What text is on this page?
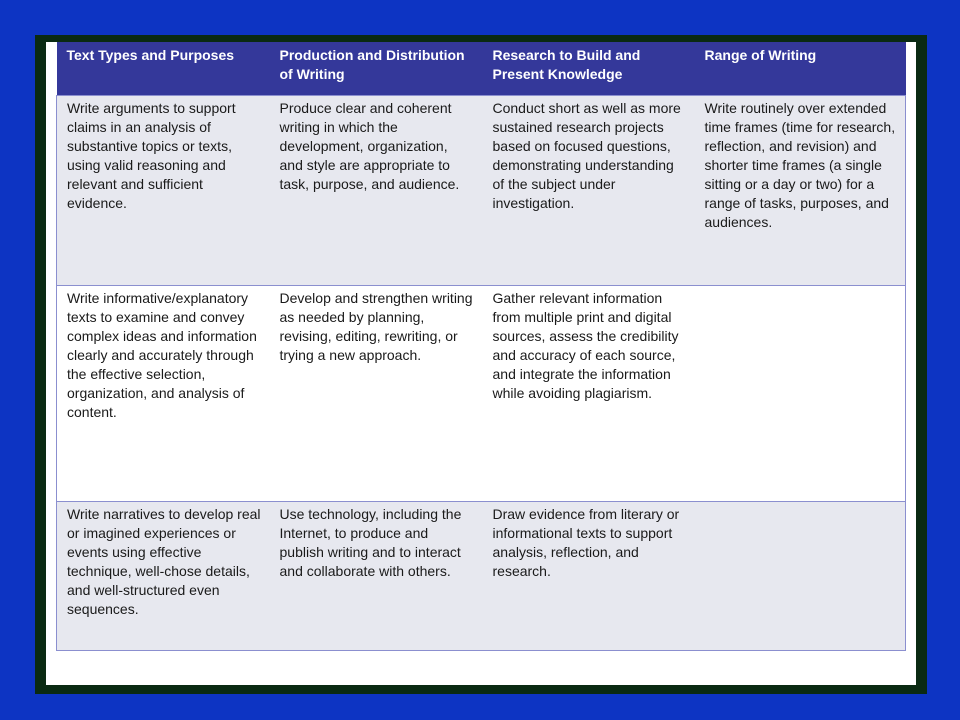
Text Types and Purposes	Production and Distribution of Writing	Research to Build and Present Knowledge	Range of Writing
Write arguments to support claims in an analysis of substantive topics or texts, using valid reasoning and relevant and sufficient evidence.	Produce clear and coherent writing in which the development, organization, and style are appropriate to task, purpose, and audience.	Conduct short as well as more sustained research projects based on focused questions, demonstrating understanding of the subject under investigation.	Write routinely over extended time frames (time for research, reflection, and revision) and shorter time frames (a single sitting or a day or two) for a range of tasks, purposes, and audiences.
Write informative/explanatory texts to examine and convey complex ideas and information clearly and accurately through the effective selection, organization, and analysis of content.	Develop and strengthen writing as needed by planning, revising, editing, rewriting, or trying a new approach.	Gather relevant information from multiple print and digital sources, assess the credibility and accuracy of each source, and integrate the information while avoiding plagiarism.	
Write narratives to develop real or imagined experiences or events using effective technique, well-chose details, and well-structured even sequences.	Use technology, including the Internet, to produce and publish writing and to interact and collaborate with others.	Draw evidence from literary or informational texts to support analysis, reflection, and research.	
